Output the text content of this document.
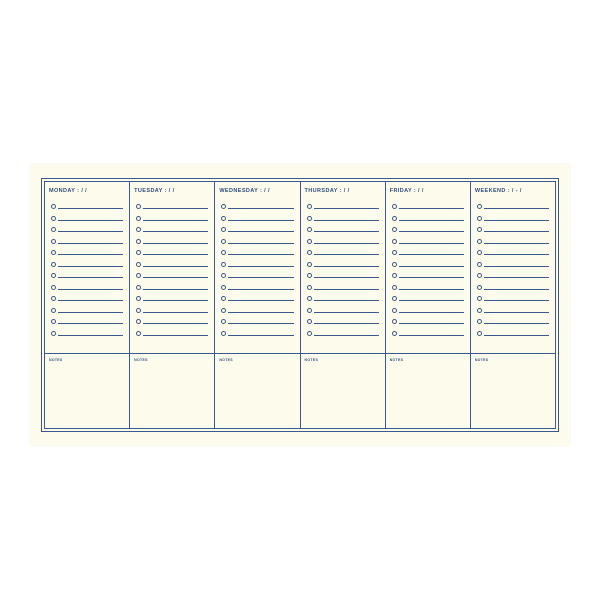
MONDAY : / /	TUESDAY : / /	WEDNESDAY : / /	THURSDAY : / /	FRIDAY : / /	WEEKEND : / - /
NOTES	NOTES	NOTES	NOTES	NOTES	NOTES
